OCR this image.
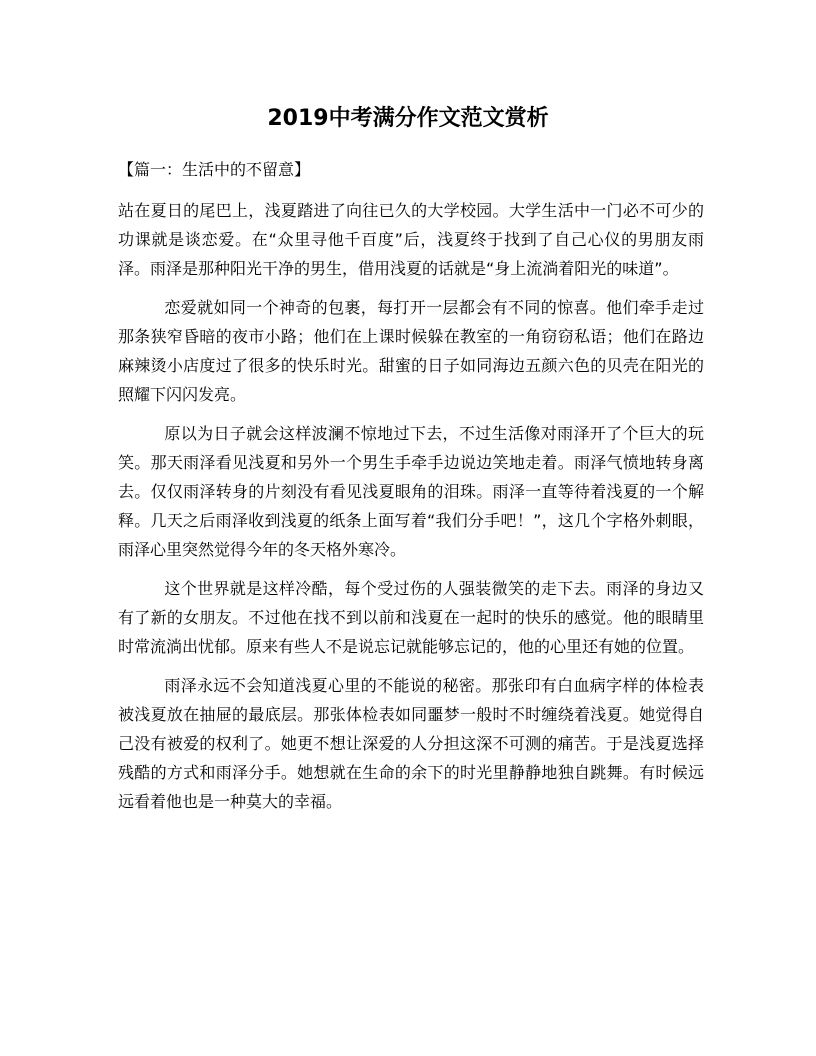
2019中考满分作文范文赏析
【篇一：生活中的不留意】

站在夏日的尾巴上，浅夏踏进了向往已久的大学校园。大学生活中一门必不可少的功课就是谈恋爱。在“众里寻他千百度”后，浅夏终于找到了自己心仪的男朋友雨泽。雨泽是那种阳光干净的男生，借用浅夏的话就是“身上流淌着阳光的味道”。

恋爱就如同一个神奇的包裹，每打开一层都会有不同的惊喜。他们牵手走过那条狭窄昏暗的夜市小路；他们在上课时候躲在教室的一角窃窃私语；他们在路边麻辣烫小店度过了很多的快乐时光。甜蜜的日子如同海边五颜六色的贝壳在阳光的照耀下闪闪发亮。

原以为日子就会这样波澜不惊地过下去，不过生活像对雨泽开了个巨大的玩笑。那天雨泽看见浅夏和另外一个男生手牵手边说边笑地走着。雨泽气愤地转身离去。仅仅雨泽转身的片刻没有看见浅夏眼角的泪珠。雨泽一直等待着浅夏的一个解释。几天之后雨泽收到浅夏的纸条上面写着“我们分手吧！”，这几个字格外刺眼，雨泽心里突然觉得今年的冬天格外寒冷。

这个世界就是这样冷酷，每个受过伤的人强装微笑的走下去。雨泽的身边又有了新的女朋友。不过他在找不到以前和浅夏在一起时的快乐的感觉。他的眼睛里时常流淌出忧郁。原来有些人不是说忘记就能够忘记的，他的心里还有她的位置。

雨泽永远不会知道浅夏心里的不能说的秘密。那张印有白血病字样的体检表被浅夏放在抽屉的最底层。那张体检表如同噩梦一般时不时缠绕着浅夏。她觉得自己没有被爱的权利了。她更不想让深爱的人分担这深不可测的痛苦。于是浅夏选择残酷的方式和雨泽分手。她想就在生命的余下的时光里静静地独自跳舞。有时候远远看着他也是一种莫大的幸福。
